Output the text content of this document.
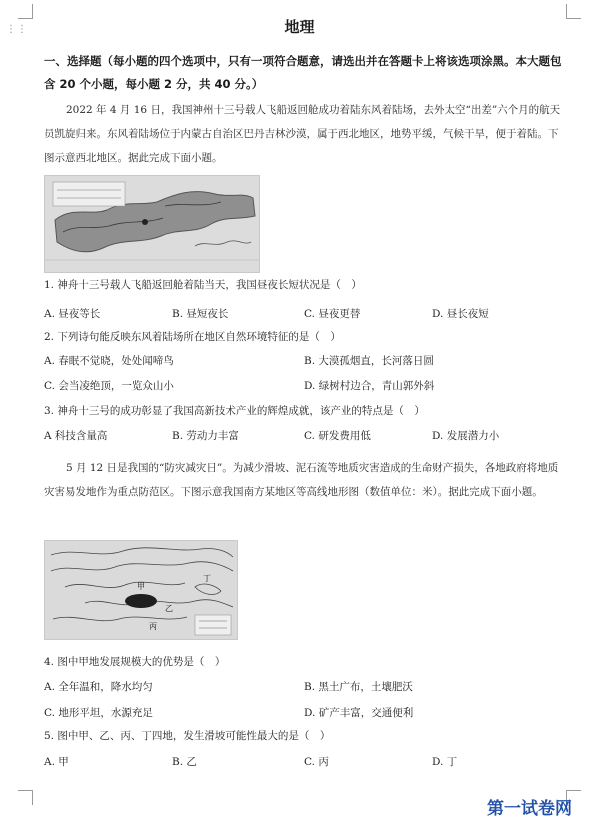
⋮⋮	地理
一、选择题（每小题的四个选项中，只有一项符合题意，请选出并在答题卡上将该选项涂黑。本大题包含 20 个小题，每小题 2 分，共 40 分。）
2022 年 4 月 16 日，我国神州十三号载人飞船返回舱成功着陆东风着陆场，去外太空“出差”六个月的航天员凯旋归来。东风着陆场位于内蒙古自治区巴丹吉林沙漠，属于西北地区，地势平缓，气候干旱，便于着陆。下图示意西北地区。据此完成下面小题。
1. 神舟十三号载人飞船返回舱着陆当天，我国昼夜长短状况是（　）
A. 昼夜等长	B. 昼短夜长	C. 昼夜更替	D. 昼长夜短
2. 下列诗句能反映东风着陆场所在地区自然环境特征的是（　）
A. 春眠不觉晓，处处闻啼鸟	B. 大漠孤烟直，长河落日圆
C. 会当凌绝顶，一览众山小	D. 绿树村边合，青山郭外斜
3. 神舟十三号的成功彰显了我国高新技术产业的辉煌成就，该产业的特点是（　）
A 科技含量高	B. 劳动力丰富	C. 研发费用低	D. 发展潜力小
5 月 12 日是我国的“防灾减灾日”。为减少滑坡、泥石流等地质灾害造成的生命财产损失，各地政府将地质灾害易发地作为重点防范区。下图示意我国南方某地区等高线地形图（数值单位：米）。据此完成下面小题。
甲
乙
丙
丁
4. 图中甲地发展规模大的优势是（　）
A. 全年温和，降水均匀	B. 黑土广布，土壤肥沃
C. 地形平坦，水源充足	D. 矿产丰富，交通便利
5. 图中甲、乙、丙、丁四地，发生滑坡可能性最大的是（　）
A. 甲	B. 乙	C. 丙	D. 丁
第一试卷网
